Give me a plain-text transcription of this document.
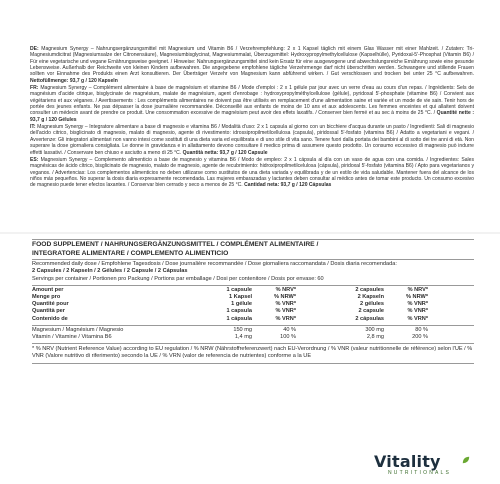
DE: Magnesium Synergy – Nahrungsergänzungsmittel mit Magnesium und Vitamin B6 / Verzehrempfehlung: 2 x 1 Kapsel täglich mit einem Glas Wasser mit einer Mahlzeit. / Zutaten: Tri-Magnesiumdicitrat (Magnesiumsalze der Citronensäure), Magnesiumbisglycinat, Magnesiummalat, Überzugsmittel: Hydroxypropylmethylcellulose (Kapselhülle), Pyridoxal-5'-Phosphat (Vitamin B6) / Für eine vegetarische und vegane Ernährungsweise geeignet. / Hinweise: Nahrungsergänzungsmittel sind kein Ersatz für eine ausgewogene und abwechslungsreiche Ernährung sowie eine gesunde Lebensweise. Außerhalb der Reichweite von kleinen Kindern aufbewahren. Die angegebene empfohlene tägliche Verzehrmenge darf nicht überschritten werden. Schwangere und stillende Frauen sollten vor Einnahme des Produkts einen Arzt konsultieren. Der Überträger Verzehr von Magnesium kann abführend wirken. / Gut verschlossen und trocken bei unter 25 °C aufbewahren. Nettofüllmenge: 93,7 g / 120 Kapseln

FR: Magnesium Synergy – Complément alimentaire à base de magnésium et vitamine B6 / Mode d'emploi : 2 x 1 gélule par jour avec un verre d'eau au cours d'un repas. / Ingrédients: Sels de magnésium d'acide citrique, bisglycinate de magnésium, malate de magnésium, agent d'enrobage : hydroxypropylméthylcellulose (gélule), pyridoxal 5'-phosphate (vitamine B6) / Convient aux végétariens et aux véganes. / Avertissements : Les compléments alimentaires ne doivent pas être utilisés en remplacement d'une alimentation saine et variée et un mode de vie sain. Tenir hors de portée des jeunes enfants. Ne pas dépasser la dose journalière recommandée. Déconseillé aux enfants de moins de 10 ans et aux adolescents. Les femmes enceintes et qui allaitent doivent consulter un médecin avant de prendre ce produit. Une consommation excessive de magnésium peut avoir des effets laxatifs. / Conserver bien fermé et au sec à moins de 25 °C. / Quantité nette : 93,7 g / 120 Gélules

IT: Magnesium Synergy – Integratore alimentare a base di magnesio e vitamina B6 / Modalità d'uso: 2 x 1 capsula al giorno con un bicchiere d'acqua durante un pasto / Ingredienti: Sali di magnesio dell'acido citrico, bisglicinato di magnesio, malato di magnesio, agente di rivestimento: idrossipropilmetilcellulosa (capsula), piridossal 5'-fosfato (vitamina B6) / Adatto a vegetariani e vegani. / Avvertenze: Gli integratori alimentari non vanno intesi come sostituti di una dieta varia ed equilibrata e di uno stile di vita sano. Tenere fuori dalla portata dei bambini al di sotto dei tre anni di età. Non superare la dose giornaliera consigliata. Le donne in gravidanza e in allattamento devono consultare il medico prima di assumere questo prodotto. Un consumo eccessivo di magnesio può indurre effetti lassativi. / Conservare ben chiuso e asciutto a meno di 25 °C. Quantità netta: 93,7 g / 120 Capsule

ES: Magnesium Synergy – Complemento alimenticio a base de magnesio y vitamina B6 / Modo de empleo: 2 x 1 cápsula al día con un vaso de agua con una comida. / Ingredientes: Sales magnésicas de ácido cítrico, bisglicinato de magnesio, malato de magnesio, agente de recubrimiento: hidroxipropilmetilcelulosa (cápsula), piridoxal 5'-fosfato (vitamina B6) / Apto para vegetarianos y veganos. / Advertencias: Los complementos alimenticios no deben utilizarse como sustitutos de una dieta variada y equilibrada y de un estilo de vida saludable. Mantener fuera del alcance de los niños más pequeños. No superar la dosis diaria expresamente recomendada. Las mujeres embarazadas y lactantes deben consultar al médico antes de tomar este producto. Un consumo excesivo de magnesio puede tener efectos laxantes. / Conservar bien cerrado y seco a menos de 25 °C. Cantidad neta: 93,7 g / 120 Cápsulas

FOOD SUPPLEMENT / NAHRUNGSERGÄNZUNGSMITTEL / COMPLÉMENT ALIMENTAIRE /
INTEGRATORE ALIMENTARE / COMPLEMENTO ALIMENTICIO
Recommended daily dose / Empfohlene Tagesdosis / Dose journalière recommandée / Dose giornaliera raccomandata / Dosis diaria recomendada:
2 Capsules / 2 Kapseln / 2 Gélules / 2 Capsule / 2 Cápsulas
Servings per container / Portionen pro Packung / Portions par emballage / Dosi per contenitore / Dosis por envase: 60
Amount per	1 capsule	% NRV*	2 capsules	% NRV*
Menge pro	1 Kapsel	% NRW*	2 Kapseln	% NRW*
Quantité pour	1 gélule	% VNR*	2 gélules	% VNR*
Quantità per	1 capsula	% VNR*	2 capsule	% VNR*
Contenido de	1 cápsula	% VRN*	2 cápsulas	% VRN*
Magnesium / Magnésium / Magnesio	150 mg	40 %	300 mg	80 %
Vitamin / Vitamine / Vitamina B6	1,4 mg	100 %	2,8 mg	200 %
* % NRV (Nutrient Reference Value) according to EU regulation / % NRW (Nährstoffreferenzwert) nach EU-Verordnung / % VNR (valeur nutritionnelle de référence) selon l'UE / % VNR (Valore nutritivo di riferimento) secondo la UE / % VRN (valor de referencia de nutrientes) conforme a la UE
Vitality
NUTRITIONALS
